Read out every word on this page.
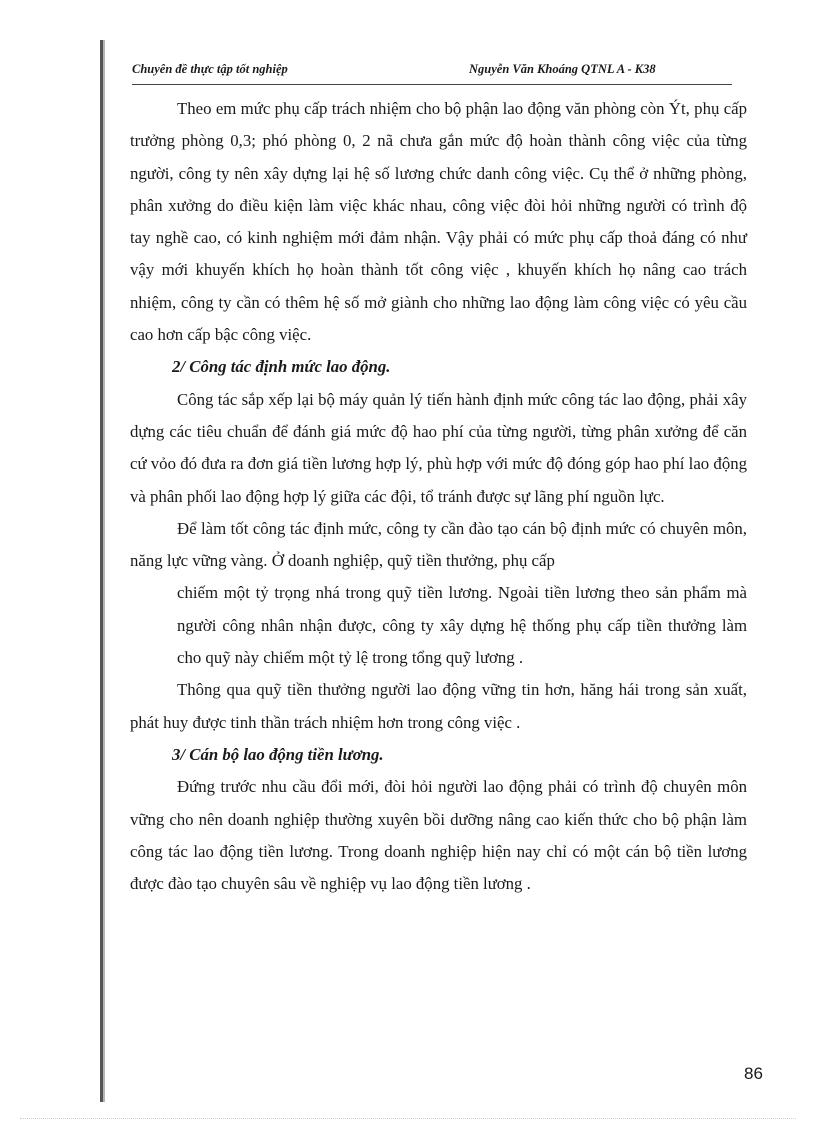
Chuyên đề thực tập tốt nghiệp	Nguyễn Văn Khoáng QTNL A - K38

Theo em mức phụ cấp trách nhiệm cho bộ phận lao động văn phòng còn Ýt, phụ cấp trưởng phòng 0,3; phó phòng 0, 2 nã chưa gắn mức độ hoàn thành công việc của từng người, công ty nên xây dựng lại hệ số lương chức danh công việc. Cụ thể ở những phòng, phân xưởng do điều kiện làm việc khác nhau, công việc đòi hỏi những người có trình độ tay nghề cao, có kinh nghiệm mới đảm nhận. Vậy phải có mức phụ cấp thoả đáng có như vậy mới khuyến khích họ hoàn thành tốt công việc , khuyến khích họ nâng cao trách nhiệm, công ty cần có thêm hệ số mở giành cho những lao động làm công việc có yêu cầu cao hơn cấp bậc công việc.

2/ Công tác định mức lao động.

Công tác sắp xếp lại bộ máy quản lý tiến hành định mức công tác lao động, phải xây dựng các tiêu chuẩn để đánh giá mức độ hao phí của từng người, từng phân xưởng để căn cứ vỏo đó đưa ra đơn giá tiền lương hợp lý, phù hợp với mức độ đóng góp hao phí lao động và phân phối lao động hợp lý giữa các đội, tổ tránh được sự lãng phí nguồn lực.

Để làm tốt công tác định mức, công ty cần đào tạo cán bộ định mức có chuyên môn, năng lực vững vàng. Ở doanh nghiệp, quỹ tiền thưởng, phụ cấp

chiếm một tỷ trọng nhá trong quỹ tiền lương. Ngoài tiền lương theo sản phẩm mà người công nhân nhận được, công ty xây dựng hệ thống phụ cấp tiền thưởng làm cho quỹ này chiếm một tỷ lệ trong tổng quỹ lương .

Thông qua quỹ tiền thưởng người lao động vững tin hơn, hăng hái trong sản xuất, phát huy được tinh thần trách nhiệm hơn trong công việc .

3/ Cán bộ lao động tiền lương.

Đứng trước nhu cầu đổi mới, đòi hỏi người lao động phải có trình độ chuyên môn vững cho nên doanh nghiệp thường xuyên bồi dưỡng nâng cao kiến thức cho bộ phận làm công tác lao động tiền lương. Trong doanh nghiệp hiện nay chỉ có một cán bộ tiền lương được đào tạo chuyên sâu về nghiệp vụ lao động tiền lương .

86
